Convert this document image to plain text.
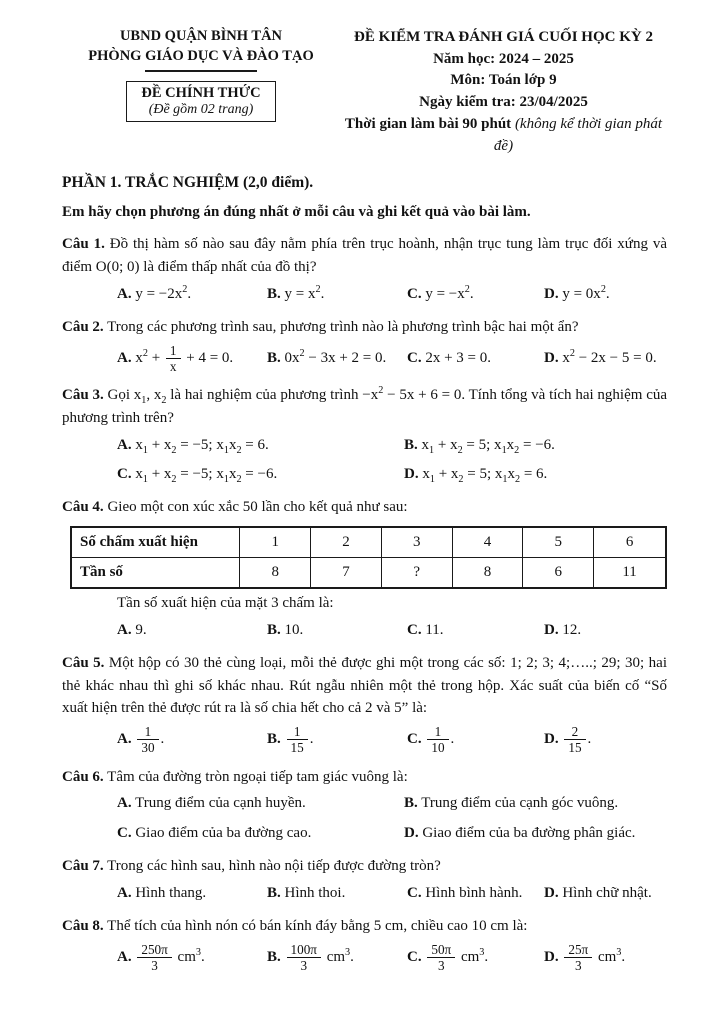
UBND QUẬN BÌNH TÂN
PHÒNG GIÁO DỤC VÀ ĐÀO TẠO
ĐỀ CHÍNH THỨC
(Đề gồm 02 trang)
ĐỀ KIỂM TRA ĐÁNH GIÁ CUỐI HỌC KỲ 2
Năm học: 2024 – 2025
Môn: Toán lớp 9
Ngày kiểm tra: 23/04/2025
Thời gian làm bài 90 phút (không kể thời gian phát đề)
PHẦN 1. TRẮC NGHIỆM (2,0 điểm).
Em hãy chọn phương án đúng nhất ở mỗi câu và ghi kết quả vào bài làm.

Câu 1. Đồ thị hàm số nào sau đây nằm phía trên trục hoành, nhận trục tung làm trục đối xứng và điểm O(0; 0) là điểm thấp nhất của đồ thị?

A. $y = -2x^2$.	B. $y = x^2$.	C. $y = -x^2$.	D. $y = 0x^2$.

Câu 2. Trong các phương trình sau, phương trình nào là phương trình bậc hai một ẩn?

A. $x^2 + \frac{1}{x} + 4 = 0$.	B. $0x^2 - 3x + 2 = 0$.	C. 2x + 3 = 0.	D. $x^2 - 2x - 5 = 0$.

Câu 3. Gọi $x_1$, $x_2$ là hai nghiệm của phương trình $-x^2 - 5x + 6 = 0$. Tính tổng và tích hai nghiệm của phương trình trên?

A. $x_1 + x_2 = -5$; $x_1x_2 = 6$.	B. $x_1 + x_2 = 5$; $x_1x_2 = -6$.
C. $x_1 + x_2 = -5$; $x_1x_2 = -6$.	D. $x_1 + x_2 = 5$; $x_1x_2 = 6$.

Câu 4. Gieo một con xúc xắc 50 lần cho kết quả như sau:

Số chấm xuất hiện	1	2	3	4	5	6
Tần số	8	7	?	8	6	11

Tần số xuất hiện của mặt 3 chấm là:

A. 9.	B. 10.	C. 11.	D. 12.

Câu 5. Một hộp có 30 thẻ cùng loại, mỗi thẻ được ghi một trong các số: 1; 2; 3; 4;…..; 29; 30; hai thẻ khác nhau thì ghi số khác nhau. Rút ngẫu nhiên một thẻ trong hộp. Xác suất của biến cố “Số xuất hiện trên thẻ được rút ra là số chia hết cho cả 2 và 5” là:

A. $\frac{1}{30}$ .	B. $\frac{1}{15}$ .	C. $\frac{1}{10}$ .	D. $\frac{2}{15}$ .

Câu 6. Tâm của đường tròn ngoại tiếp tam giác vuông là:

A. Trung điểm của cạnh huyền.	B. Trung điểm của cạnh góc vuông.
C. Giao điểm của ba đường cao.	D. Giao điểm của ba đường phân giác.

Câu 7. Trong các hình sau, hình nào nội tiếp được đường tròn?

A. Hình thang.	B. Hình thoi.	C. Hình bình hành.	D. Hình chữ nhật.

Câu 8. Thể tích của hình nón có bán kính đáy bằng 5 cm, chiều cao 10 cm là:

A. $\frac{250\pi}{3} cm^3$.	B. $\frac{100\pi}{3} cm^3$.	C. $\frac{50\pi}{3} cm^3$.	D. $\frac{25\pi}{3} cm^3$.
